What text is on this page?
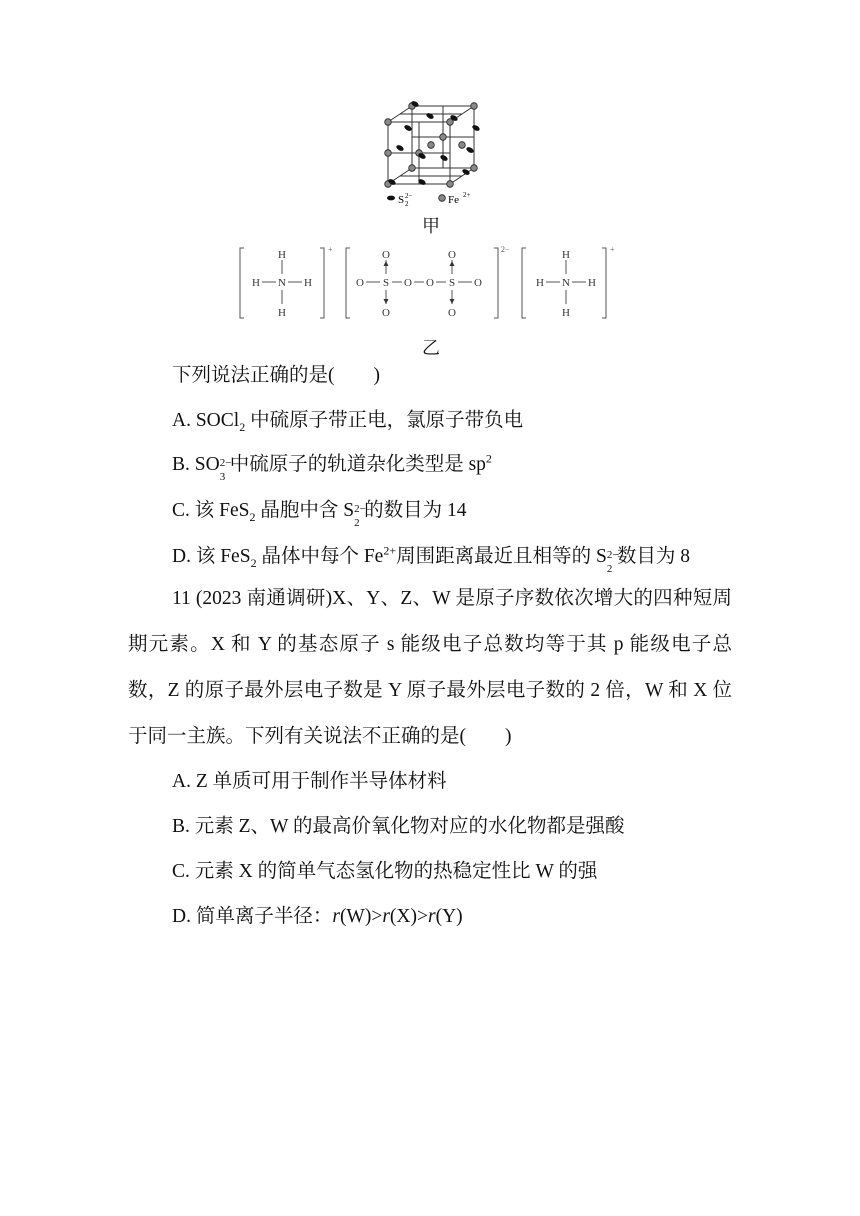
S 2−
2	Fe 2+
甲
H
N
H
H	H
H
N
H
H	H
O S O O S O
O
O
O
O
+	2−	+
乙
下列说法正确的是(　　)
A. SOCl$_2$ 中硫原子带正电，氯原子带负电
B. SO 2−
3
中硫原子的轨道杂化类型是 $sp^2$
C. 该 FeS$_2$ 晶胞中含 S 2−
2
的数目为 14
D. 该 FeS$_2$ 晶体中每个 $Fe^{2+}$周围距离最近且相等的 S 2−
2
数目为 8
11 (2023 南通调研)X、Y、Z、W 是原子序数依次增大的四种短周期元素。X 和 Y 的基态原子 s 能级电子总数均等于其 p 能级电子总数，Z 的原子最外层电子数是 Y 原子最外层电子数的 2 倍，W 和 X 位于同一主族。下列有关说法不正确的是(　　)
A. Z 单质可用于制作半导体材料
B. 元素 Z、W 的最高价氧化物对应的水化物都是强酸
C. 元素 X 的简单气态氢化物的热稳定性比 W 的强
D. 简单离子半径：r(W)>r(X)>r(Y)
